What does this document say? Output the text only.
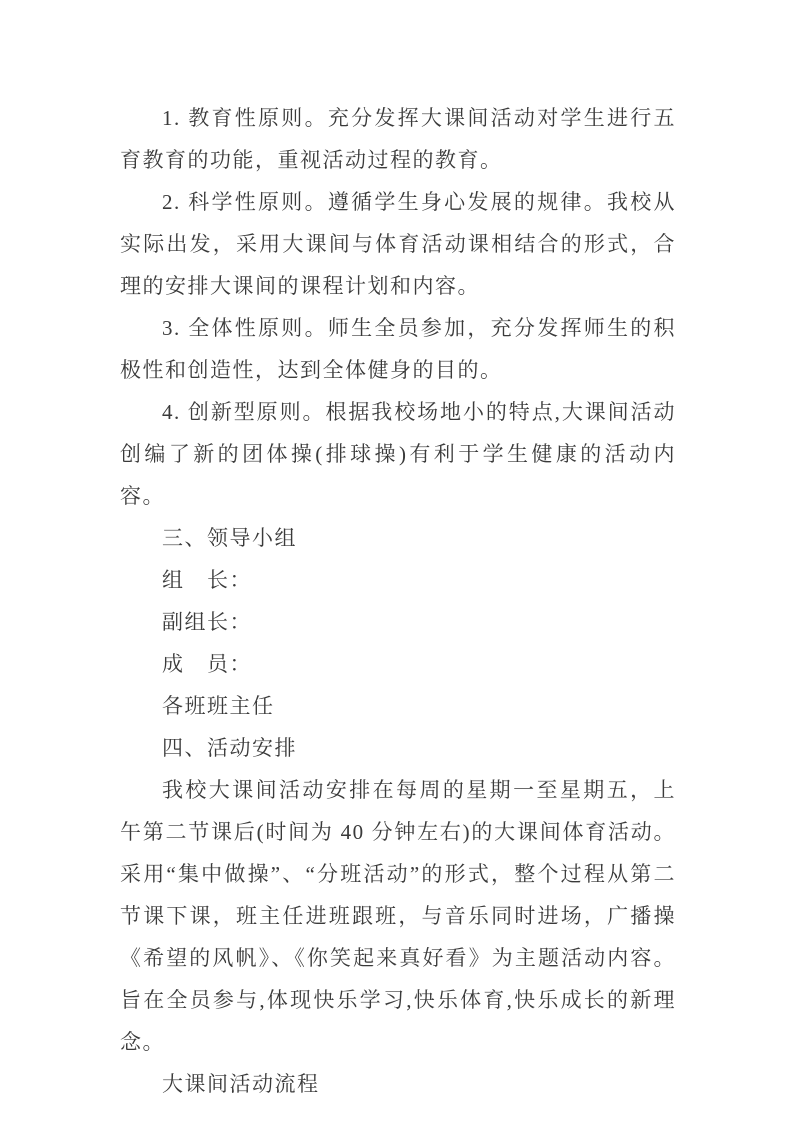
1. 教育性原则。充分发挥大课间活动对学生进行五育教育的功能，重视活动过程的教育。

2. 科学性原则。遵循学生身心发展的规律。我校从实际出发，采用大课间与体育活动课相结合的形式，合理的安排大课间的课程计划和内容。

3. 全体性原则。师生全员参加，充分发挥师生的积极性和创造性，达到全体健身的目的。

4. 创新型原则。根据我校场地小的特点,大课间活动创编了新的团体操(排球操)有利于学生健康的活动内容。

三、领导小组

组　长：

副组长：

成　员：

各班班主任

四、活动安排

我校大课间活动安排在每周的星期一至星期五，上午第二节课后(时间为 40 分钟左右)的大课间体育活动。采用“集中做操”、“分班活动”的形式，整个过程从第二节课下课，班主任进班跟班，与音乐同时进场，广播操《希望的风帆》、《你笑起来真好看》为主题活动内容。旨在全员参与,体现快乐学习,快乐体育,快乐成长的新理念。

大课间活动流程
